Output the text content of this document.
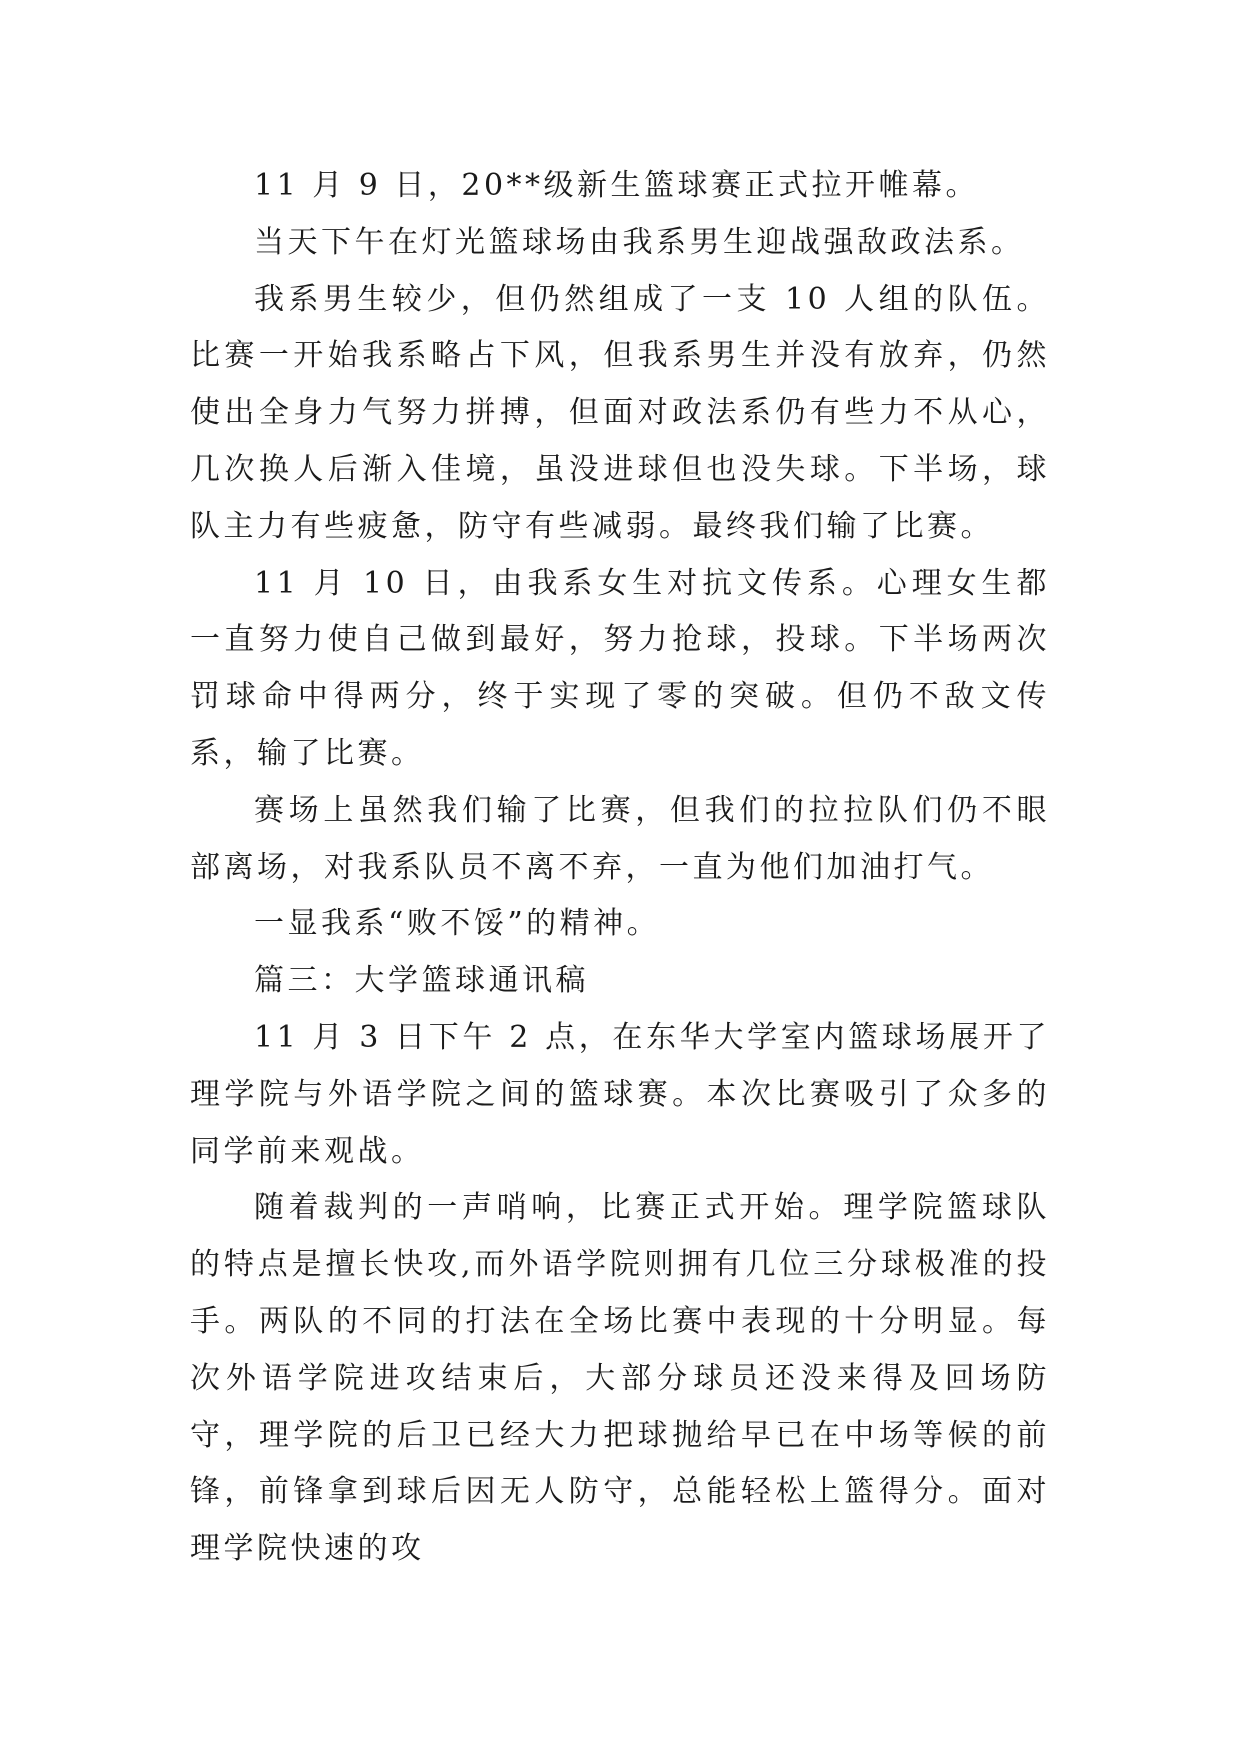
11 月 9 日，20**级新生篮球赛正式拉开帷幕。

当天下午在灯光篮球场由我系男生迎战强敌政法系。

我系男生较少，但仍然组成了一支 10 人组的队伍。比赛一开始我系略占下风，但我系男生并没有放弃，仍然使出全身力气努力拼搏，但面对政法系仍有些力不从心，几次换人后渐入佳境，虽没进球但也没失球。下半场，球队主力有些疲惫，防守有些减弱。最终我们输了比赛。

11 月 10 日，由我系女生对抗文传系。心理女生都一直努力使自己做到最好，努力抢球，投球。下半场两次罚球命中得两分，终于实现了零的突破。但仍不敌文传系，输了比赛。

赛场上虽然我们输了比赛，但我们的拉拉队们仍不眼部离场，对我系队员不离不弃，一直为他们加油打气。

一显我系“败不馁”的精神。

篇三：大学篮球通讯稿

11 月 3 日下午 2 点，在东华大学室内篮球场展开了理学院与外语学院之间的篮球赛。本次比赛吸引了众多的同学前来观战。

随着裁判的一声哨响，比赛正式开始。理学院篮球队的特点是擅长快攻,而外语学院则拥有几位三分球极准的投手。两队的不同的打法在全场比赛中表现的十分明显。每次外语学院进攻结束后，大部分球员还没来得及回场防守，理学院的后卫已经大力把球抛给早已在中场等候的前锋，前锋拿到球后因无人防守，总能轻松上篮得分。面对理学院快速的攻
